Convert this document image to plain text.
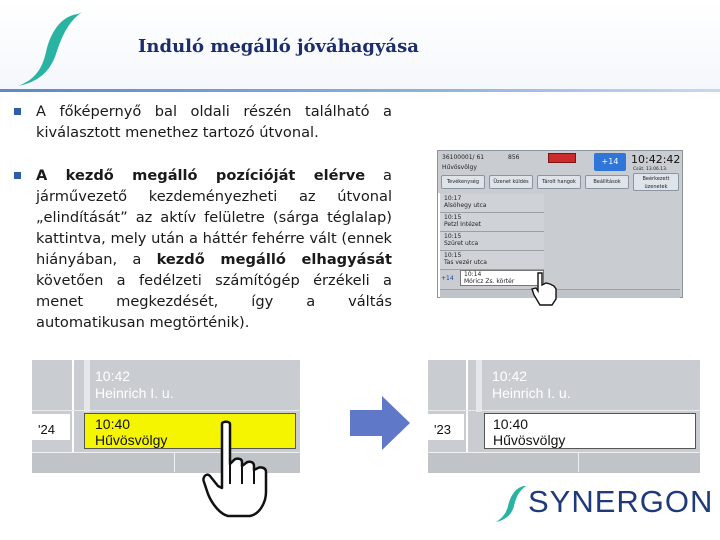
Induló megálló jóváhagyása
A főképernyő bal oldali részén található a kiválasztott menethez tartozó útvonal.
A kezdő megálló pozícióját elérve a járművezető kezdeményezheti az útvonal „elindítását” az aktív felületre (sárga téglalap) kattintva, mely után a háttér fehérre vált (ennek hiányában, a kezdő megálló elhagyását követően a fedélzeti számítógép érzékeli a menet megkezdését, így a váltás automatikusan megtörténik).
36100001/ 61	856
Hűvösvölgy
+14	10:42:42
Csüt. 13.06.13.
Tevékenység	Üzenet küldés	Tárolt hangok	Beállítások	Beérkezett üzenetek
10:17
Alsóhegy utca
10:15
Petzl Intézet
10:15
Szüret utca
10:15
Tas vezér utca
10:14
Móricz Zs. körtér
+14
10:42
Heinrich I. u.
'24	10:40
Hűvösvölgy
10:42
Heinrich I. u.
'23	10:40
Hűvösvölgy
SYNERGON
